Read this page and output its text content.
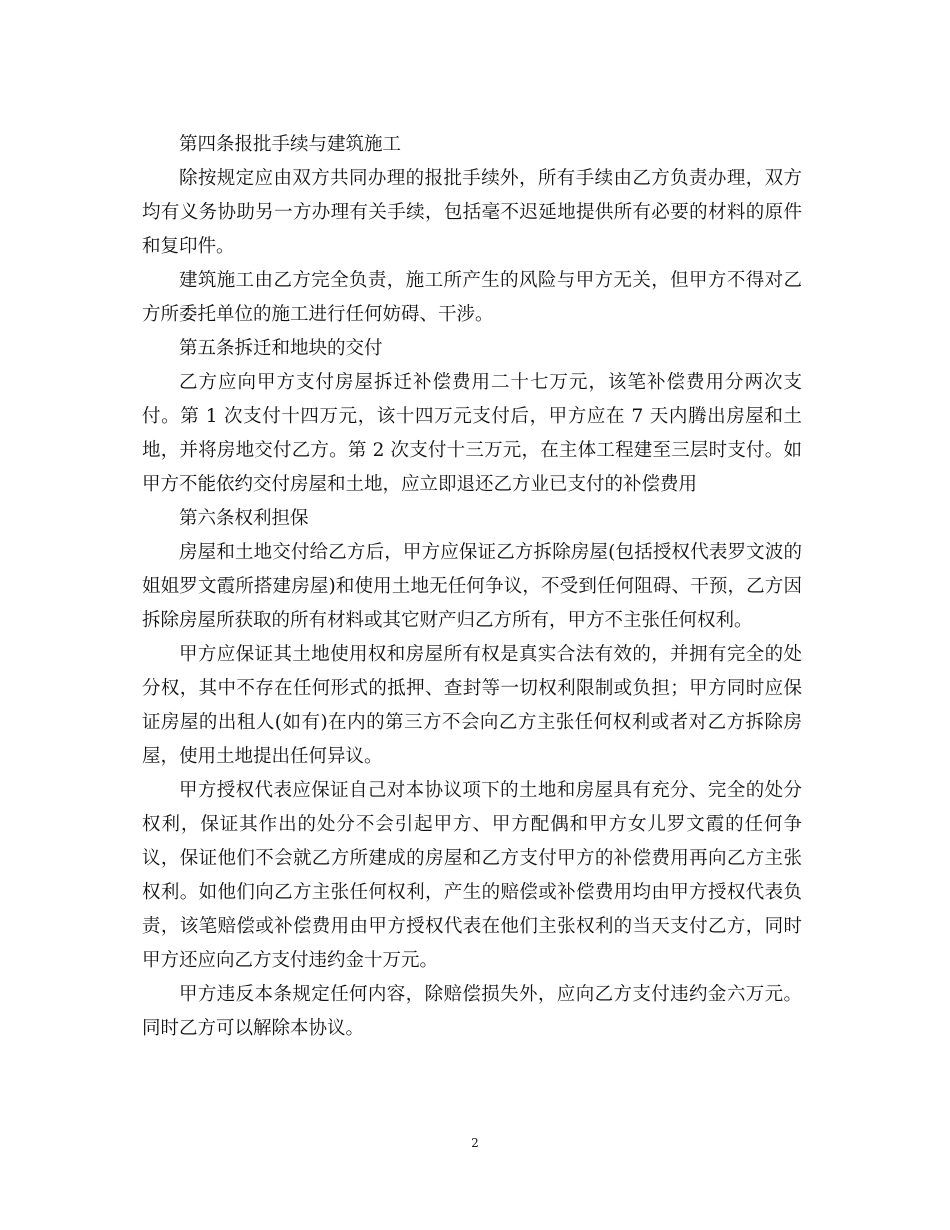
第四条报批手续与建筑施工

除按规定应由双方共同办理的报批手续外，所有手续由乙方负责办理，双方均有义务协助另一方办理有关手续，包括毫不迟延地提供所有必要的材料的原件和复印件。

建筑施工由乙方完全负责，施工所产生的风险与甲方无关，但甲方不得对乙方所委托单位的施工进行任何妨碍、干涉。

第五条拆迁和地块的交付

乙方应向甲方支付房屋拆迁补偿费用二十七万元，该笔补偿费用分两次支付。第 1 次支付十四万元，该十四万元支付后，甲方应在 7 天内腾出房屋和土地，并将房地交付乙方。第 2 次支付十三万元，在主体工程建至三层时支付。如甲方不能依约交付房屋和土地，应立即退还乙方业已支付的补偿费用

第六条权利担保

房屋和土地交付给乙方后，甲方应保证乙方拆除房屋(包括授权代表罗文波的姐姐罗文霞所搭建房屋)和使用土地无任何争议，不受到任何阻碍、干预，乙方因拆除房屋所获取的所有材料或其它财产归乙方所有，甲方不主张任何权利。

甲方应保证其土地使用权和房屋所有权是真实合法有效的，并拥有完全的处分权，其中不存在任何形式的抵押、查封等一切权利限制或负担；甲方同时应保证房屋的出租人(如有)在内的第三方不会向乙方主张任何权利或者对乙方拆除房屋，使用土地提出任何异议。

甲方授权代表应保证自己对本协议项下的土地和房屋具有充分、完全的处分权利，保证其作出的处分不会引起甲方、甲方配偶和甲方女儿罗文霞的任何争议，保证他们不会就乙方所建成的房屋和乙方支付甲方的补偿费用再向乙方主张权利。如他们向乙方主张任何权利，产生的赔偿或补偿费用均由甲方授权代表负责，该笔赔偿或补偿费用由甲方授权代表在他们主张权利的当天支付乙方，同时甲方还应向乙方支付违约金十万元。

甲方违反本条规定任何内容，除赔偿损失外，应向乙方支付违约金六万元。同时乙方可以解除本协议。

2
